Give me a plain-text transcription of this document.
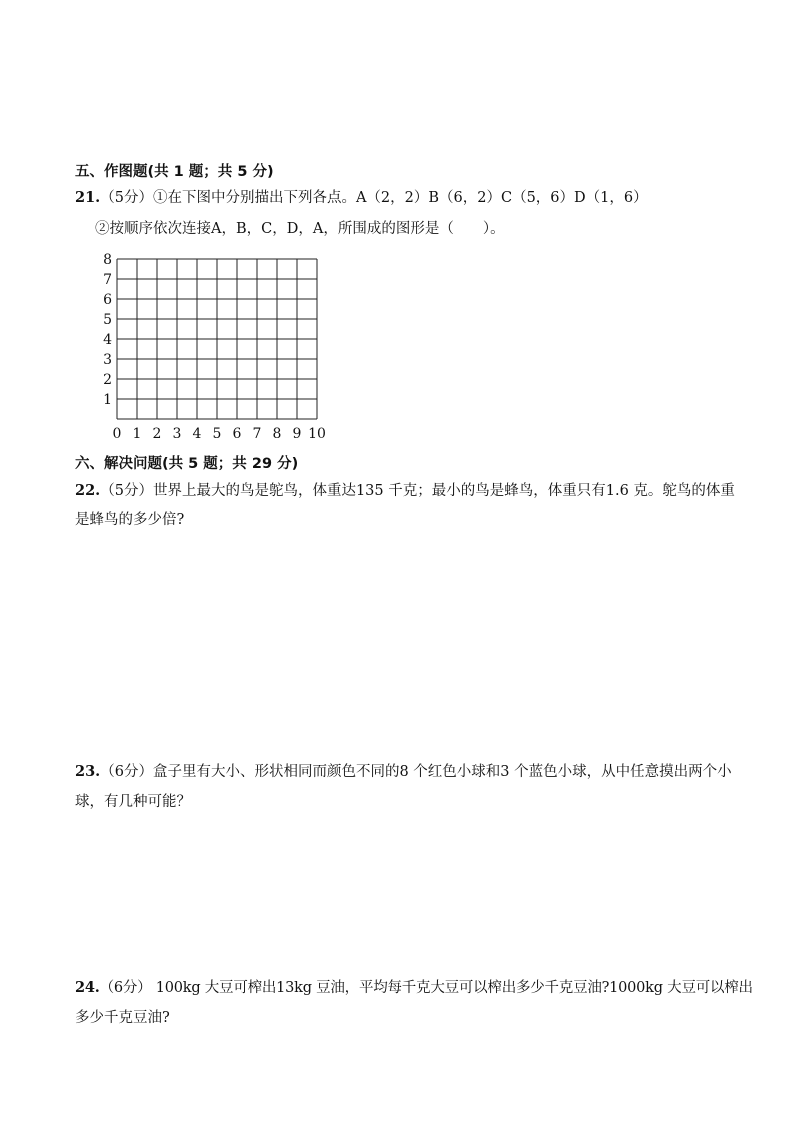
五、作图题(共 1 题；共 5 分)
21.（5分）①在下图中分别描出下列各点。A（2，2）B（6，2）C（5，6）D（1，6）
②按顺序依次连接A，B，C，D，A，所围成的图形是（　　）。
0 1 2 3 4 5 6 7 8 9 10
1
2
3
4
5
6
7
8
六、解决问题(共 5 题；共 29 分)
22.（5分）世界上最大的鸟是鸵鸟，体重达135 千克；最小的鸟是蜂鸟，体重只有1.6 克。鸵鸟的体重
是蜂鸟的多少倍?
23.（6分）盒子里有大小、形状相同而颜色不同的8 个红色小球和3 个蓝色小球，从中任意摸出两个小
球，有几种可能？
24.（6分） 100kg 大豆可榨出13kg 豆油，平均每千克大豆可以榨出多少千克豆油?1000kg 大豆可以榨出
多少千克豆油?
